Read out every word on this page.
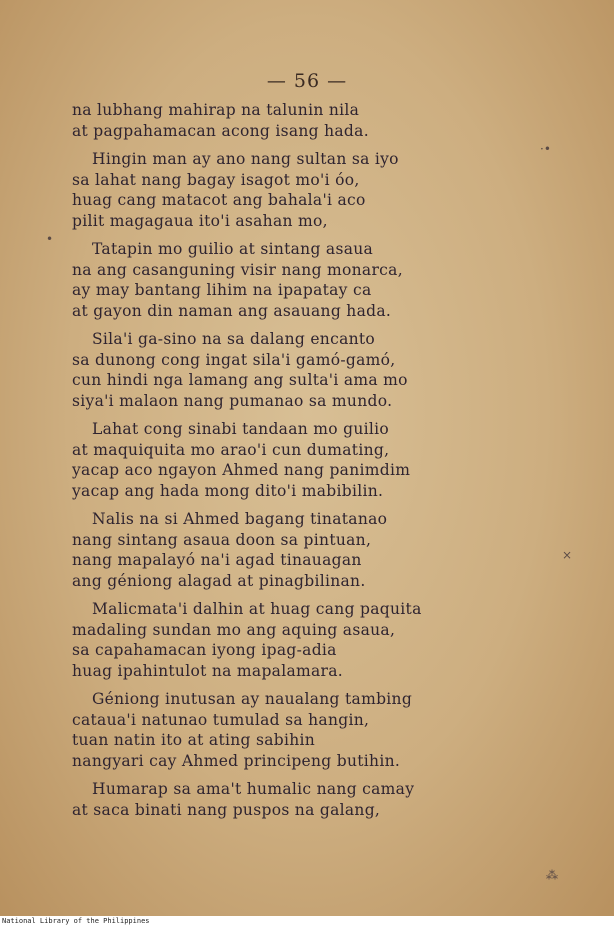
— 56 —
na lubhang mahirap na talunin nila
at pagpahamacan acong isang hada.
Hingin man ay ano nang sultan sa iyo
sa lahat nang bagay isagot mo'i óo,
huag cang matacot ang bahala'i aco
pilit magagaua ito'i asahan mo,
Tatapin mo guilio at sintang asaua
na ang casanguning visir nang monarca,
ay may bantang lihim na ipapatay ca
at gayon din naman ang asauang hada.
Sila'i ga-sino na sa dalang encanto
sa dunong cong ingat sila'i gamó-gamó,
cun hindi nga lamang ang sulta'i ama mo
siya'i malaon nang pumanao sa mundo.
Lahat cong sinabi tandaan mo guilio
at maquiquita mo arao'i cun dumating,
yacap aco ngayon Ahmed nang panimdim
yacap ang hada mong dito'i mabibilin.
Nalis na si Ahmed bagang tinatanao
nang sintang asaua doon sa pintuan,
nang mapalayó na'i agad tinauagan
ang géniong alagad at pinagbilinan.
Malicmata'i dalhin at huag cang paquita
madaling sundan mo ang aquing asaua,
sa capahamacan iyong ipag-adia
huag ipahintulot na mapalamara.
Géniong inutusan ay naualang tambing
cataua'i natunao tumulad sa hangin,
tuan natin ito at ating sabihin
nangyari cay Ahmed principeng butihin.
Humarap sa ama't humalic nang camay
at saca binati nang puspos na galang,
·•
•
×
⁂
National Library of the Philippines
